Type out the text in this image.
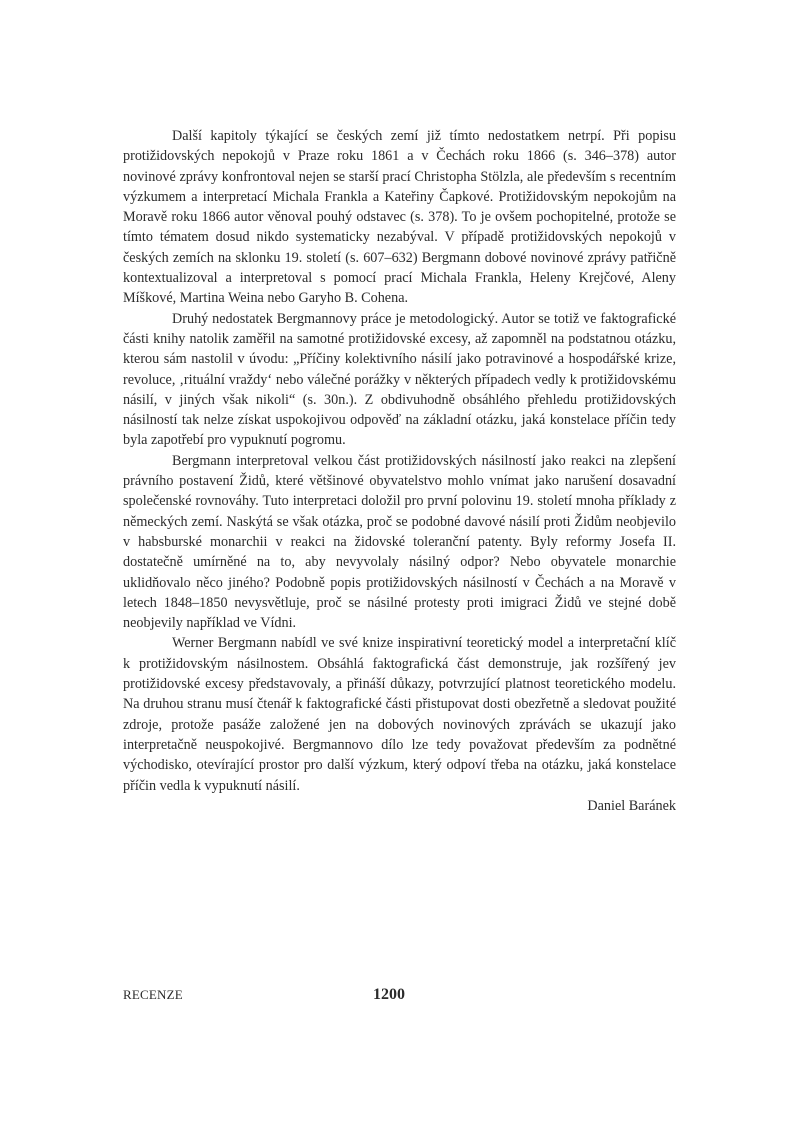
Další kapitoly týkající se českých zemí již tímto nedostatkem netrpí. Při popisu protižidovských nepokojů v Praze roku 1861 a v Čechách roku 1866 (s. 346–378) autor novinové zprávy konfrontoval nejen se starší prací Christopha Stölzla, ale především s recentním výzkumem a interpretací Michala Frankla a Kateřiny Čapkové. Protižidovským nepokojům na Moravě roku 1866 autor věnoval pouhý odstavec (s. 378). To je ovšem pochopitelné, protože se tímto tématem dosud nikdo systematicky nezabýval. V případě protižidovských nepokojů v českých zemích na sklonku 19. století (s. 607–632) Bergmann dobové novinové zprávy patřičně kontextualizoval a interpretoval s pomocí prací Michala Frankla, Heleny Krejčové, Aleny Míškové, Martina Weina nebo Garyho B. Cohena.

Druhý nedostatek Bergmannovy práce je metodologický. Autor se totiž ve faktografické části knihy natolik zaměřil na samotné protižidovské excesy, až zapomněl na podstatnou otázku, kterou sám nastolil v úvodu: „Příčiny kolektivního násilí jako potravinové a hospodářské krize, revoluce, ‚rituální vraždy‘ nebo válečné porážky v některých případech vedly k protižidovskému násilí, v jiných však nikoli“ (s. 30n.). Z obdivuhodně obsáhlého přehledu protižidovských násilností tak nelze získat uspokojivou odpověď na základní otázku, jaká konstelace příčin tedy byla zapotřebí pro vypuknutí pogromu.

Bergmann interpretoval velkou část protižidovských násilností jako reakci na zlepšení právního postavení Židů, které většinové obyvatelstvo mohlo vnímat jako narušení dosavadní společenské rovnováhy. Tuto interpretaci doložil pro první polovinu 19. století mnoha příklady z německých zemí. Naskýtá se však otázka, proč se podobné davové násilí proti Židům neobjevilo v habsburské monarchii v reakci na židovské toleranční patenty. Byly reformy Josefa II. dostatečně umírněné na to, aby nevyvolaly násilný odpor? Nebo obyvatele monarchie uklidňovalo něco jiného? Podobně popis protižidovských násilností v Čechách a na Moravě v letech 1848–1850 nevysvětluje, proč se násilné protesty proti imigraci Židů ve stejné době neobjevily například ve Vídni.

Werner Bergmann nabídl ve své knize inspirativní teoretický model a interpretační klíč k protižidovským násilnostem. Obsáhlá faktografická část demonstruje, jak rozšířený jev protižidovské excesy představovaly, a přináší důkazy, potvrzující platnost teoretického modelu. Na druhou stranu musí čtenář k faktografické části přistupovat dosti obezřetně a sledovat použité zdroje, protože pasáže založené jen na dobových novinových zprávách se ukazují jako interpretačně neuspokojivé. Bergmannovo dílo lze tedy považovat především za podnětné východisko, otevírající prostor pro další výzkum, který odpoví třeba na otázku, jaká konstelace příčin vedla k vypuknutí násilí.

Daniel Baránek

RECENZE	1200
